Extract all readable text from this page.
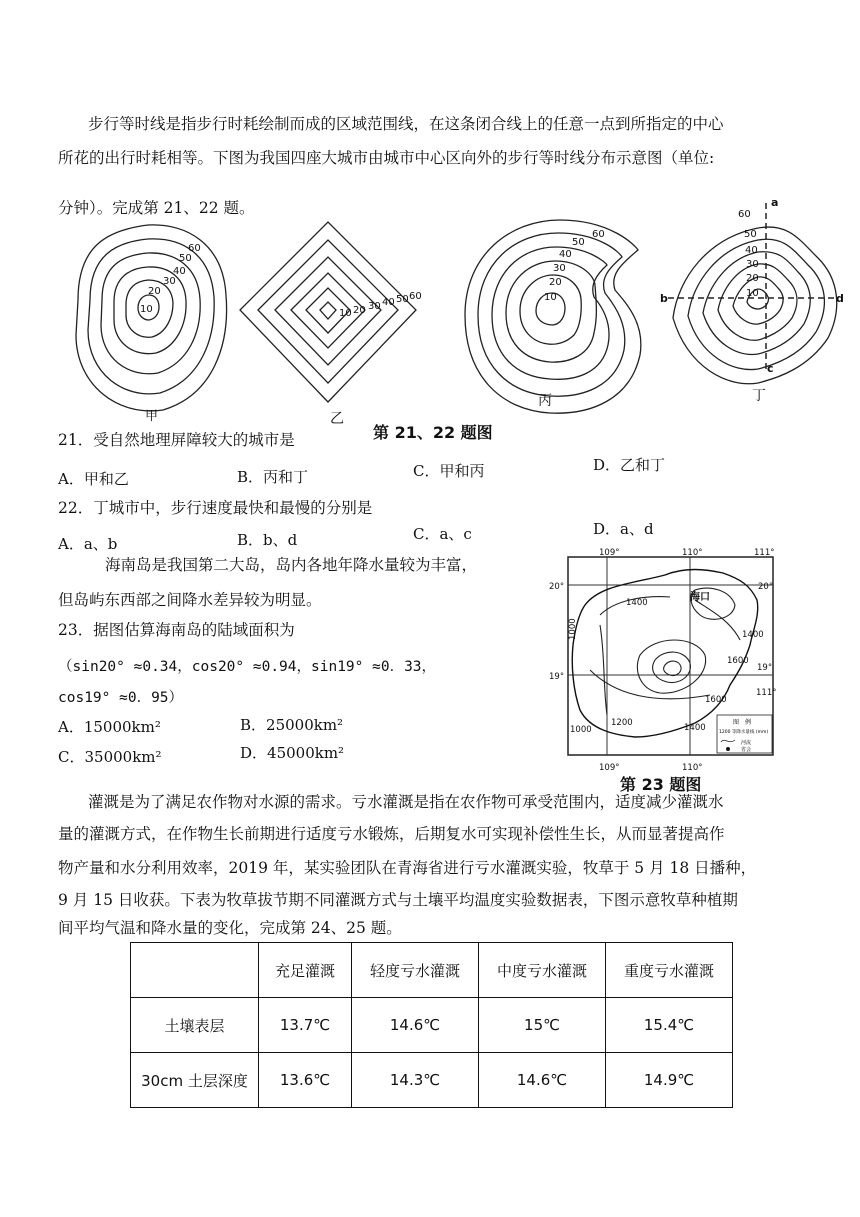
步行等时线是指步行时耗绘制而成的区域范围线，在这条闭合线上的任意一点到所指定的中心
所花的出行时耗相等。下图为我国四座大城市由城市中心区向外的步行等时线分布示意图（单位:
分钟）。完成第 21、22 题。
10
20
30
40
50
60
10 20 30 40 50 60	10
20
30
40
50
60
10
20
30
40
50
60
a
b
c
d
甲	乙
丙	丁
第 21、22 题图
21．受自然地理屏障较大的城市是
A．甲和乙	B．丙和丁	C．甲和丙	D．乙和丁
22．丁城市中，步行速度最快和最慢的分别是
A．a、b	B．b、d	C．a、c	D．a、d
海南岛是我国第二大岛，岛内各地年降水量较为丰富，
但岛屿东西部之间降水差异较为明显。
23．据图估算海南岛的陆域面积为
（sin20° ≈0.34，cos20° ≈0.94，sin19° ≈0．33，
cos19° ≈0．95）
A．15000km²	B．25000km²
C．35000km²	D．45000km²
109°	110°	111°
20°
19°
20°
19°
109°	110°
111°
海口
1400
1000	1400
1600
1600
1200	1400
1000
图　例
1200 等降水量线 (mm)
河流
省会
第 23 题图
灌溉是为了满足农作物对水源的需求。亏水灌溉是指在农作物可承受范围内，适度减少灌溉水
量的灌溉方式，在作物生长前期进行适度亏水锻炼，后期复水可实现补偿性生长，从而显著提高作
物产量和水分利用效率，2019 年，某实验团队在青海省进行亏水灌溉实验，牧草于 5 月 18 日播种，
9 月 15 日收获。下表为牧草拔节期不同灌溉方式与土壤平均温度实验数据表，下图示意牧草种植期
间平均气温和降水量的变化，完成第 24、25 题。
	充足灌溉	轻度亏水灌溉	中度亏水灌溉	重度亏水灌溉
土壤表层	13.7℃	14.6℃	15℃	15.4℃
30cm 土层深度	13.6℃	14.3℃	14.6℃	14.9℃
